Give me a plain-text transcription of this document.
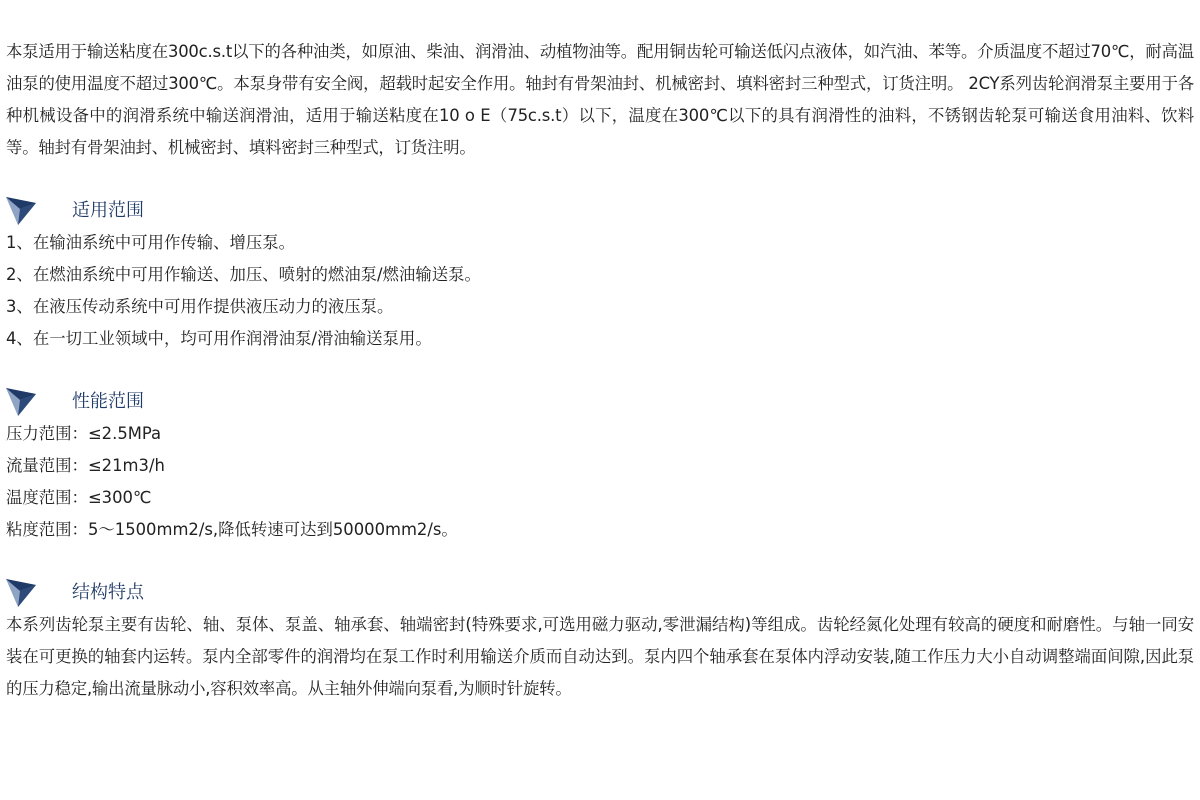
本泵适用于输送粘度在300c.s.t以下的各种油类，如原油、柴油、润滑油、动植物油等。配用铜齿轮可输送低闪点液体，如汽油、苯等。介质温度不超过70℃，耐高温油泵的使用温度不超过300℃。本泵身带有安全阀，超载时起安全作用。轴封有骨架油封、机械密封、填料密封三种型式，订货注明。 2CY系列齿轮润滑泵主要用于各种机械设备中的润滑系统中输送润滑油，适用于输送粘度在10 o E（75c.s.t）以下，温度在300℃以下的具有润滑性的油料，不锈钢齿轮泵可输送食用油料、饮料等。轴封有骨架油封、机械密封、填料密封三种型式，订货注明。

适用范围

1、在输油系统中可用作传输、增压泵。

2、在燃油系统中可用作输送、加压、喷射的燃油泵/燃油输送泵。

3、在液压传动系统中可用作提供液压动力的液压泵。

4、在一切工业领域中，均可用作润滑油泵/滑油输送泵用。

性能范围

压力范围：≤2.5MPa

流量范围：≤21m3/h

温度范围：≤300℃

粘度范围：5～1500mm2/s,降低转速可达到50000mm2/s。

结构特点

本系列齿轮泵主要有齿轮、轴、泵体、泵盖、轴承套、轴端密封(特殊要求,可选用磁力驱动,零泄漏结构)等组成。齿轮经氮化处理有较高的硬度和耐磨性。与轴一同安装在可更换的轴套内运转。泵内全部零件的润滑均在泵工作时利用输送介质而自动达到。泵内四个轴承套在泵体内浮动安装,随工作压力大小自动调整端面间隙,因此泵的压力稳定,输出流量脉动小,容积效率高。从主轴外伸端向泵看,为顺时针旋转。
